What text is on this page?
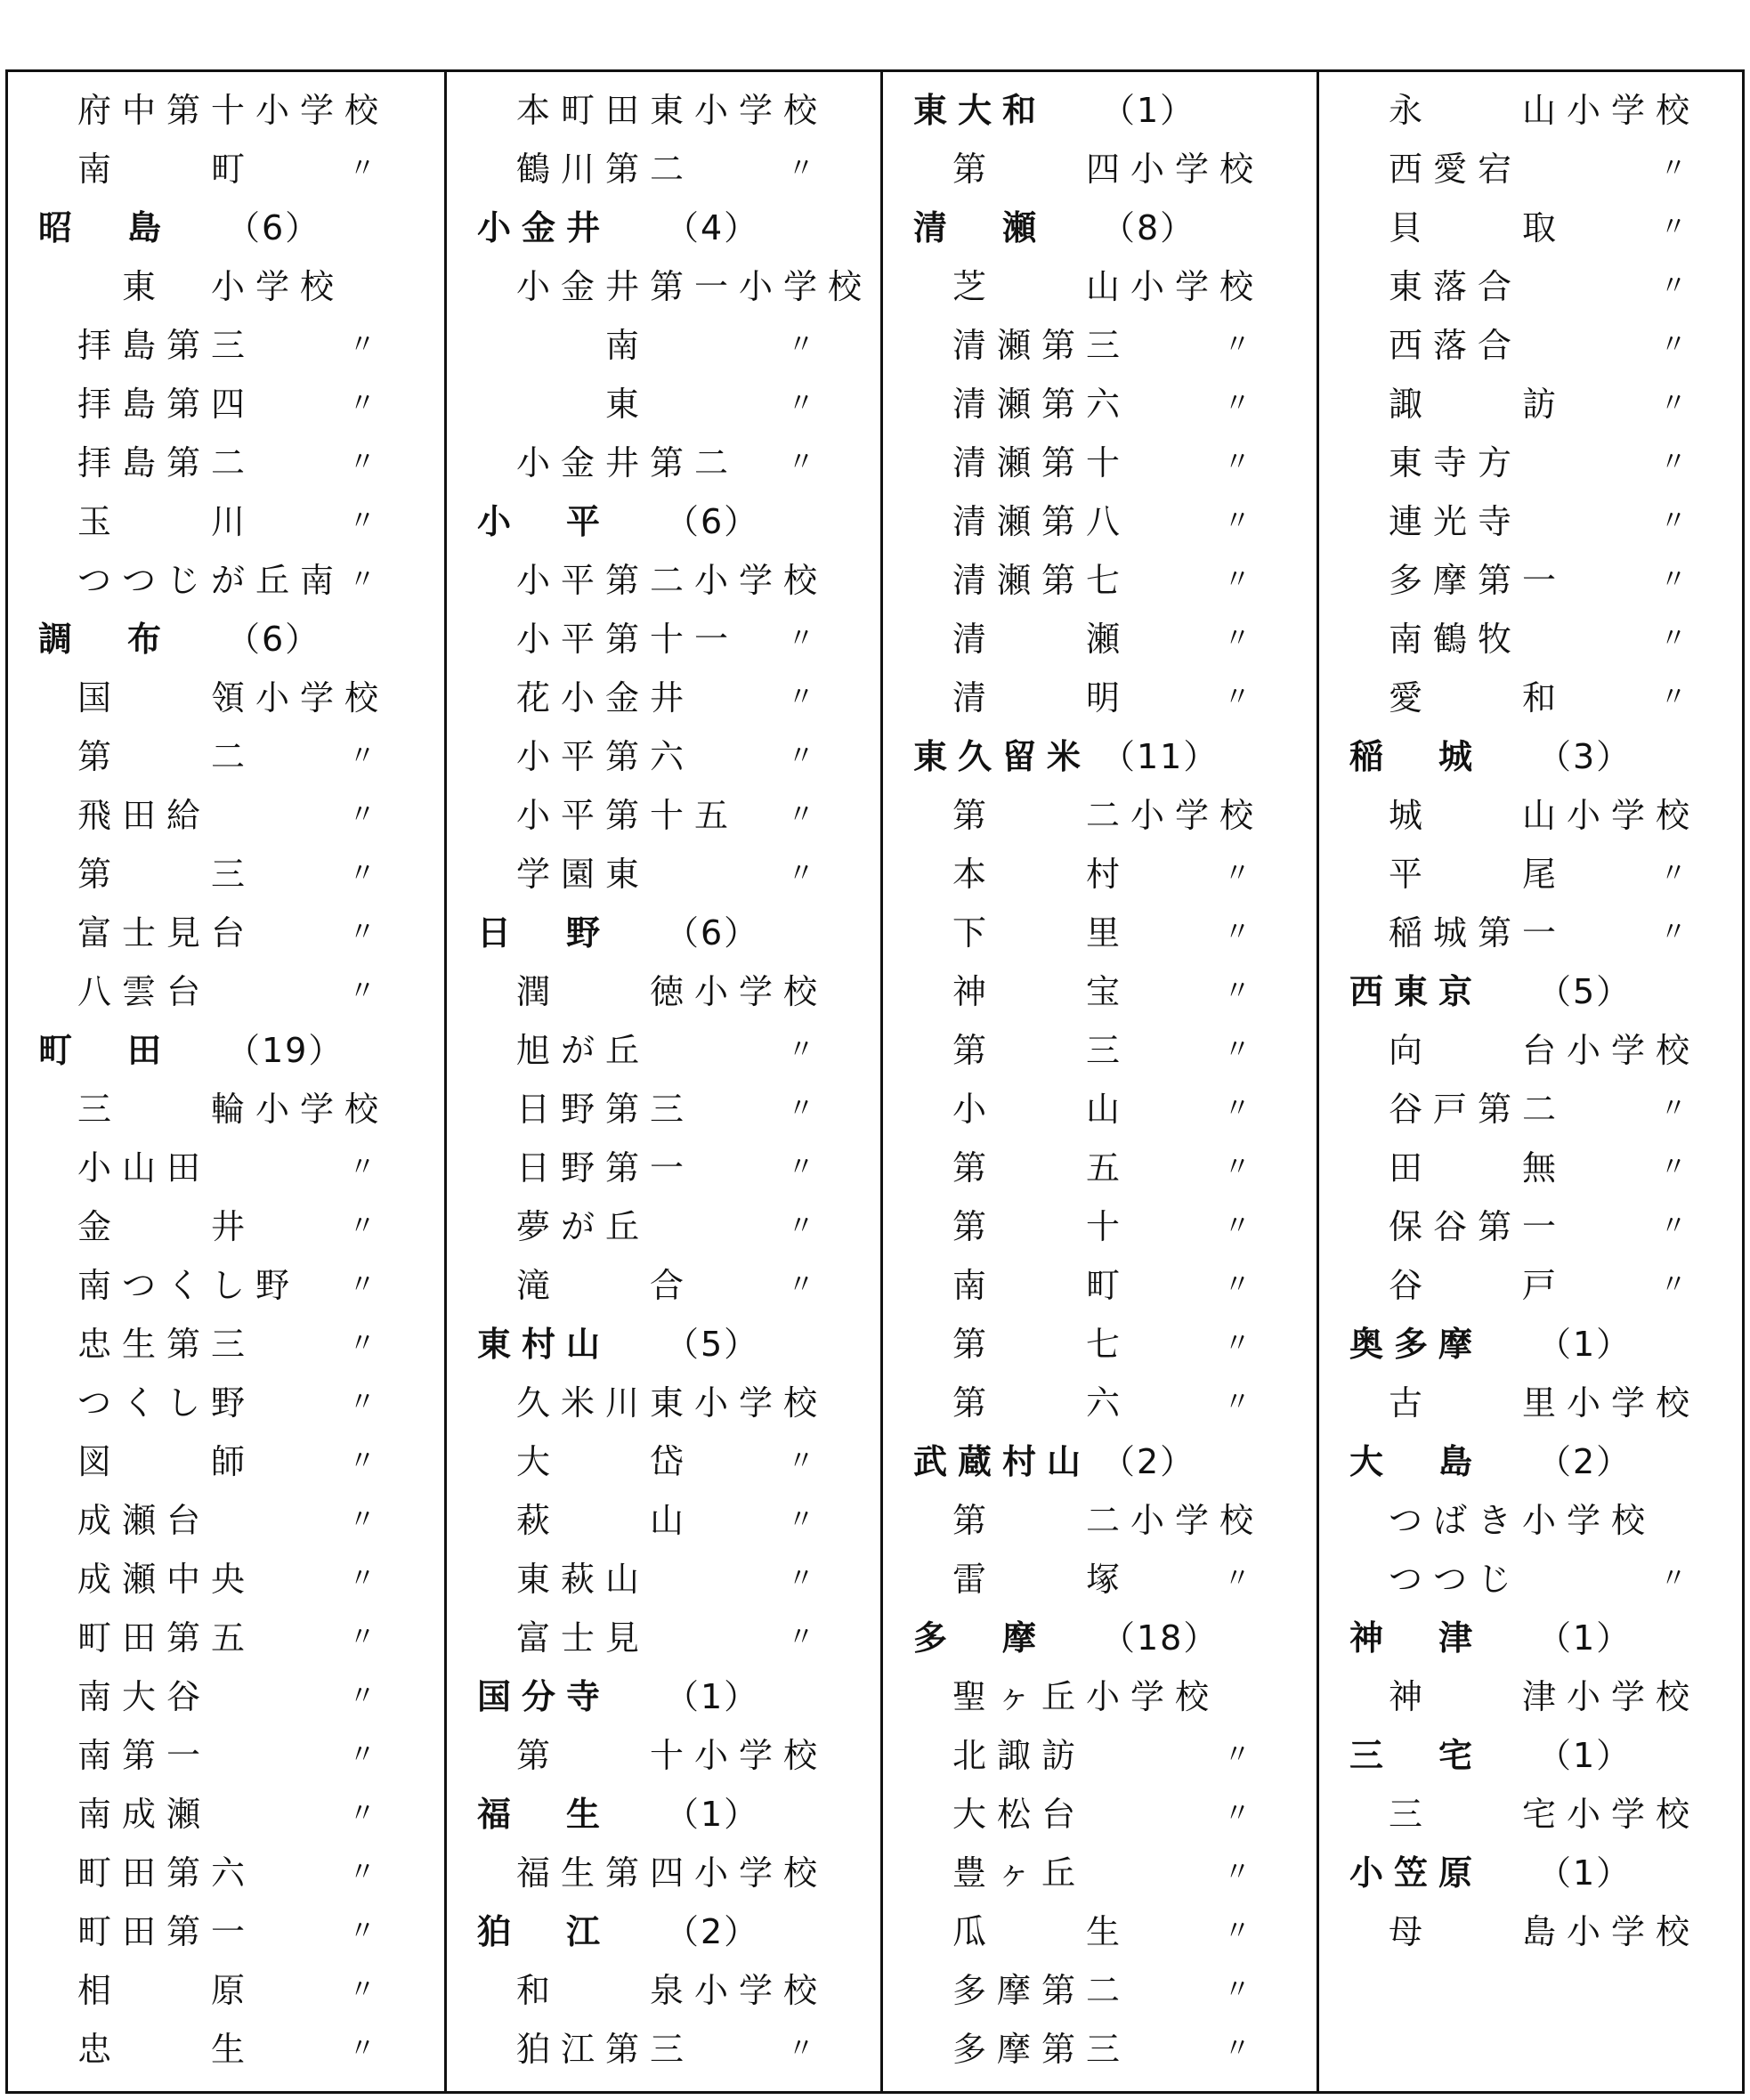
府中第十小学校
南　　町	〃
昭　島 （6）
　東　小学校
拝島第三	〃
拝島第四	〃
拝島第二	〃
玉　　川	〃
つつじが丘南 〃
調　布 （6）
国　　領小学校
第　　二	〃
飛田給	〃
第　　三	〃
富士見台	〃
八雲台	〃
町　田 （19）
三　　輪小学校
小山田	〃
金　　井	〃
南つくし野 〃
忠生第三	〃
つくし野	〃
図　　師	〃
成瀬台	〃
成瀬中央	〃
町田第五	〃
南大谷	〃
南第一	〃
南成瀬	〃
町田第六	〃
町田第一	〃
相　　原	〃
忠　　生	〃
本町田東小学校
鶴川第二	〃
小金井 （4）
小金井第一小学校
　　南	〃
　　東	〃
小金井第二 〃
小　平 （6）
小平第二小学校
小平第十一 〃
花小金井	〃
小平第六	〃
小平第十五 〃
学園東	〃
日　野 （6）
潤　　徳小学校
旭が丘	〃
日野第三	〃
日野第一	〃
夢が丘	〃
滝　　合	〃
東村山 （5）
久米川東小学校
大　　岱	〃
萩　　山	〃
東萩山	〃
富士見	〃
国分寺 （1）
第　　十小学校
福　生 （1）
福生第四小学校
狛　江 （2）
和　　泉小学校
狛江第三	〃
東大和 （1）
第　　四小学校
清　瀬 （8）
芝　　山小学校
清瀬第三	〃
清瀬第六	〃
清瀬第十	〃
清瀬第八	〃
清瀬第七	〃
清　　瀬	〃
清　　明	〃
東久留米 （11）
第　　二小学校
本　　村	〃
下　　里	〃
神　　宝	〃
第　　三	〃
小　　山	〃
第　　五	〃
第　　十	〃
南　　町	〃
第　　七	〃
第　　六	〃
武蔵村山 （2）
第　　二小学校
雷　　塚	〃
多　摩 （18）
聖ヶ丘小学校
北諏訪	〃
大松台	〃
豊ヶ丘	〃
瓜　　生	〃
多摩第二	〃
多摩第三	〃
永　　山小学校
西愛宕	〃
貝　　取	〃
東落合	〃
西落合	〃
諏　　訪	〃
東寺方	〃
連光寺	〃
多摩第一	〃
南鶴牧	〃
愛　　和	〃
稲　城 （3）
城　　山小学校
平　　尾	〃
稲城第一	〃
西東京 （5）
向　　台小学校
谷戸第二	〃
田　　無	〃
保谷第一	〃
谷　　戸	〃
奥多摩 （1）
古　　里小学校
大　島 （2）
つばき小学校
つつじ	〃
神　津 （1）
神　　津小学校
三　宅 （1）
三　　宅小学校
小笠原 （1）
母　　島小学校
